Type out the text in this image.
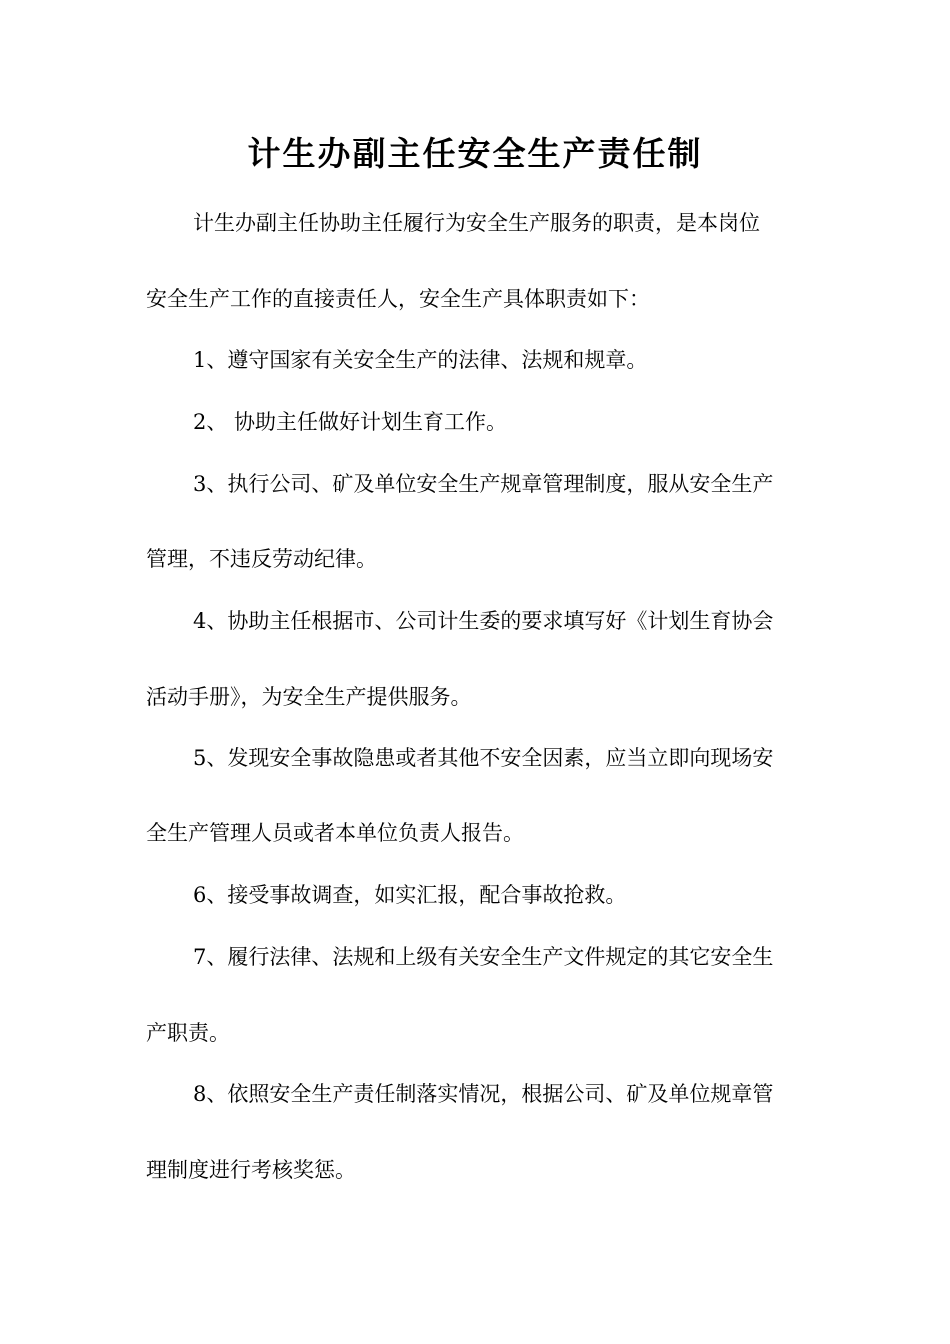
计生办副主任安全生产责任制
计生办副主任协助主任履行为安全生产服务的职责，是本岗位
安全生产工作的直接责任人，安全生产具体职责如下：
1、遵守国家有关安全生产的法律、法规和规章。
2、 协助主任做好计划生育工作。
3、执行公司、矿及单位安全生产规章管理制度，服从安全生产
管理，不违反劳动纪律。
4、协助主任根据市、公司计生委的要求填写好《计划生育协会
活动手册》，为安全生产提供服务。
5、发现安全事故隐患或者其他不安全因素，应当立即向现场安
全生产管理人员或者本单位负责人报告。
6、接受事故调查，如实汇报，配合事故抢救。
7、履行法律、法规和上级有关安全生产文件规定的其它安全生
产职责。
8、依照安全生产责任制落实情况，根据公司、矿及单位规章管
理制度进行考核奖惩。
